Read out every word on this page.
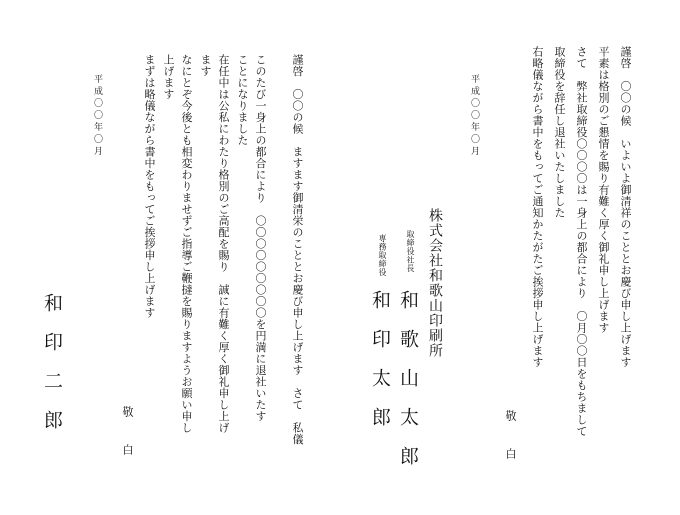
謹啓　〇〇の候　いよいよ御清祥のこととお慶び申し上げます
平素は格別のご懇情を賜り有難く厚く御礼申し上げます
さて　弊社取締役〇〇〇〇は一身上の都合により　〇月〇〇日をもちまして
取締役を辞任し退社いたしました
右略儀ながら書中をもってご通知かたがたご挨拶申し上げます
敬　白
平成〇〇年〇月
株式会社和歌山印刷所
取締役社長
和歌山太郎
専務取締役
和印太郎
謹啓　〇〇の候　ますます御清栄のこととお慶び申し上げます　さて　私儀
このたび一身上の都合により　〇〇〇〇〇〇〇〇〇を円満に退社いたす
ことになりました
在任中は公私にわたり格別のご高配を賜り　誠に有難く厚く御礼申し上げ
ます
なにとぞ今後とも相変わりませずご指導ご鞭撻を賜りますようお願い申し
上げます
まずは略儀ながら書中をもってご挨拶申し上げます
敬　白
平成〇〇年〇月
和印二郎
